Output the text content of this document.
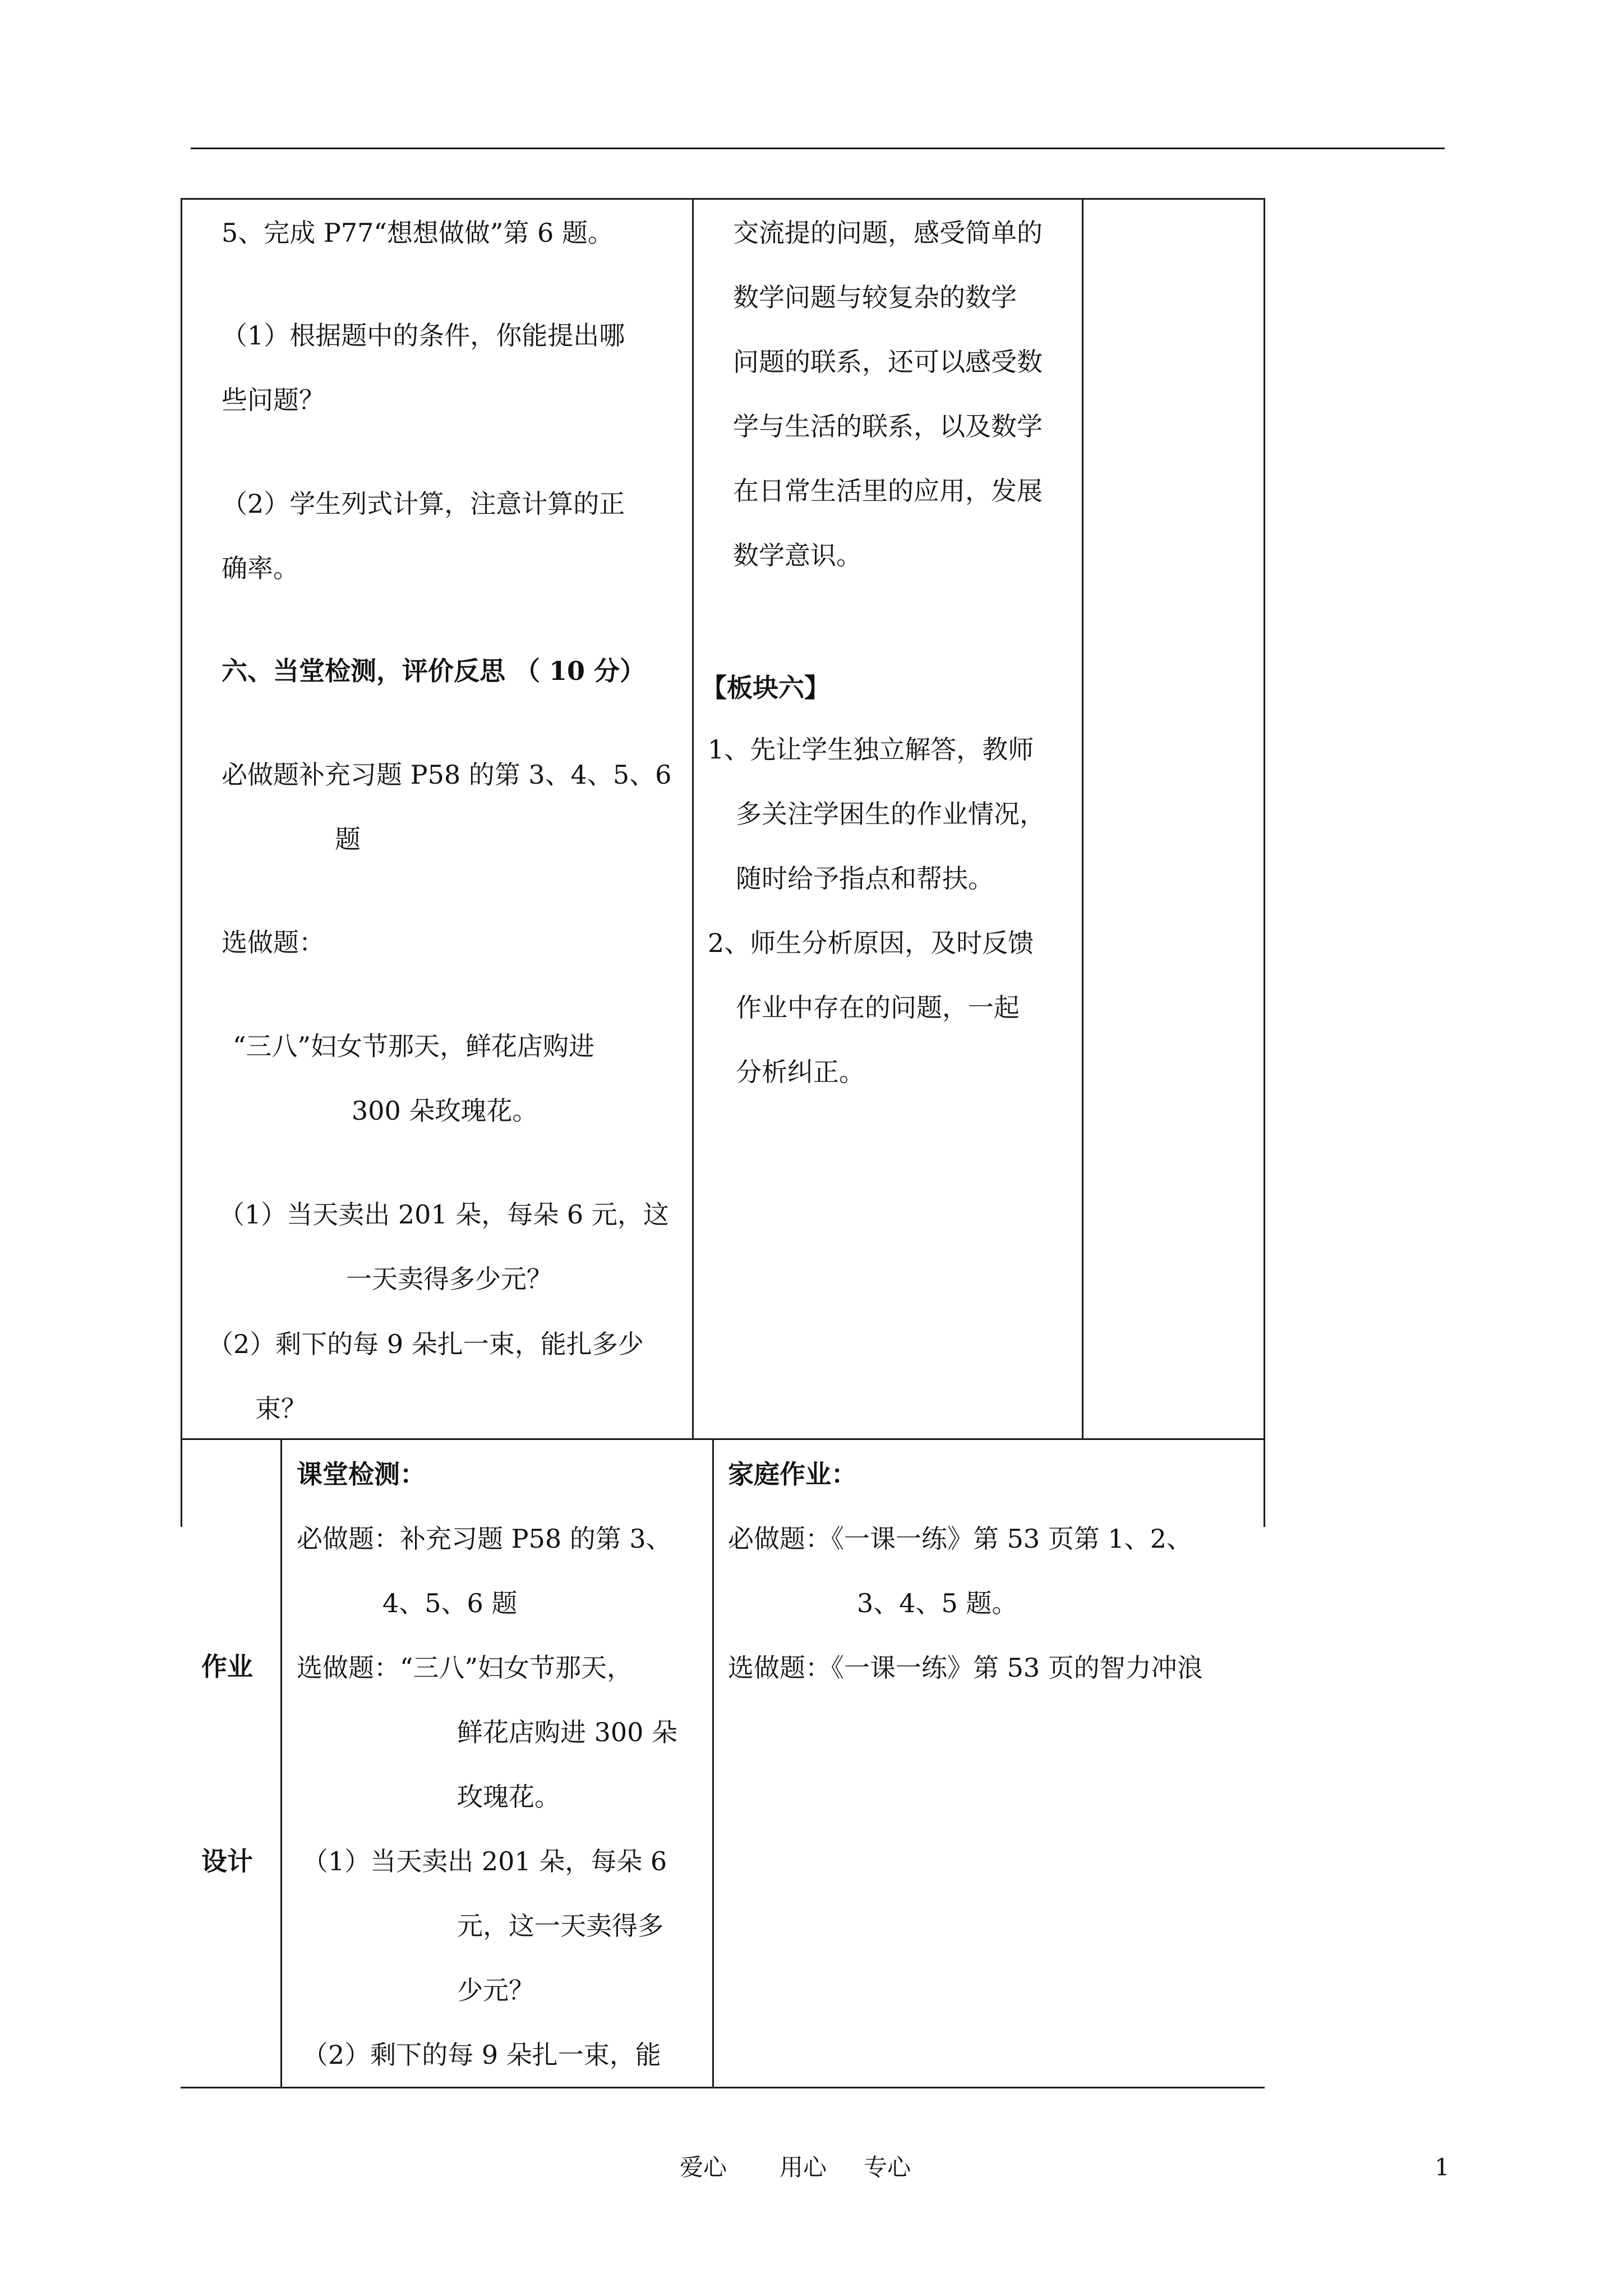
5、完成 P77“想想做做”第 6 题。
（1）根据题中的条件，你能提出哪
些问题？
（2）学生列式计算，注意计算的正
确率。
六、当堂检测，评价反思 （ 10 分）
必做题补充习题 P58 的第 3、4、5、6
题
选做题：
“三八”妇女节那天，鲜花店购进
300 朵玫瑰花。
（1）当天卖出 201 朵，每朵 6 元，这
一天卖得多少元？
（2）剩下的每 9 朵扎一束，能扎多少
束？
交流提的问题，感受简单的
数学问题与较复杂的数学
问题的联系，还可以感受数
学与生活的联系，以及数学
在日常生活里的应用，发展
数学意识。
【板块六】
1、先让学生独立解答，教师
多关注学困生的作业情况，
随时给予指点和帮扶。
2、师生分析原因，及时反馈
作业中存在的问题，一起
分析纠正。
作业
设计
课堂检测：
必做题：补充习题 P58 的第 3、
4、5、6 题
选做题：“三八”妇女节那天，
鲜花店购进 300 朵
玫瑰花。
（1）当天卖出 201 朵，每朵 6
元，这一天卖得多
少元？
（2）剩下的每 9 朵扎一束，能
家庭作业：
必做题：《一课一练》第 53 页第 1、2、
3、4、5 题。
选做题：《一课一练》第 53 页的智力冲浪
爱心 用心 专心	1
